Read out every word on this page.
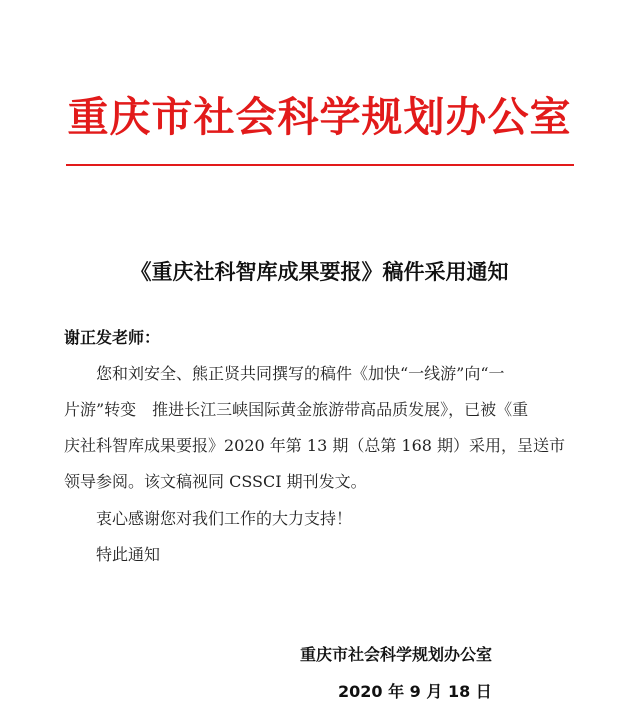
重庆市社会科学规划办公室
《重庆社科智库成果要报》稿件采用通知
谢正发老师：
您和刘安全、熊正贤共同撰写的稿件《加快“一线游”向“一
片游”转变　推进长江三峡国际黄金旅游带高品质发展》，已被《重
庆社科智库成果要报》2020 年第 13 期（总第 168 期）采用，呈送市
领导参阅。该文稿视同 CSSCI 期刊发文。
衷心感谢您对我们工作的大力支持！
特此通知
重庆市社会科学规划办公室
2020 年 9 月 18 日
